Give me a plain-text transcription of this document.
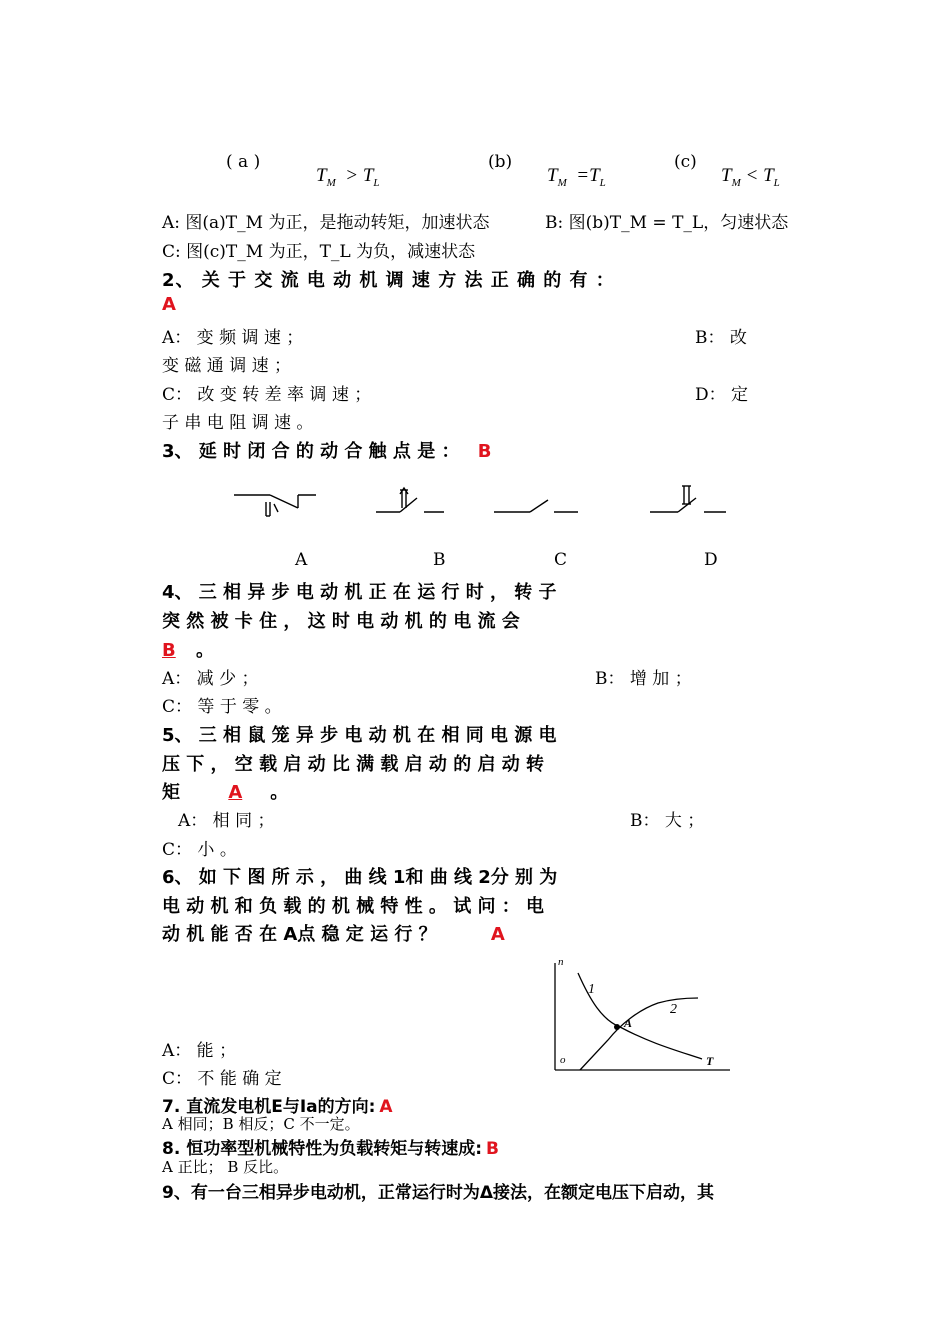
( a )
$T_M > T_L$
(b)
$T_M =T_L$
(c)
$T_M < T_L$
A: 图(a)T_M 为正，是拖动转矩，加速状态	B: 图(b)T_M = T_L，匀速状态
C: 图(c)T_M 为正，T_L 为负，减速状态
2、 关 于 交 流 电 动 机 调 速 方 法 正 确 的 有 ：
A
A： 变 频 调 速 ；	B： 改
变 磁 通 调 速 ；
C： 改 变 转 差 率 调 速 ；	D： 定
子 串 电 阻 调 速 。
3、 延 时 闭 合 的 动 合 触 点 是 ： B
A	B	C	D
4、 三 相 异 步 电 动 机 正 在 运 行 时 ， 转 子
突 然 被 卡 住 ， 这 时 电 动 机 的 电 流 会
B 。
A： 减 少 ；	B： 增 加 ；
C： 等 于 零 。
5、 三 相 鼠 笼 异 步 电 动 机 在 相 同 电 源 电
压 下 ， 空 载 启 动 比 满 载 启 动 的 启 动 转
矩	A 。
A： 相 同 ；	B： 大 ；
C： 小 。
6、 如 下 图 所 示 ， 曲 线 1和 曲 线 2分 别 为
电 动 机 和 负 载 的 机 械 特 性 。 试 问 ： 电
动 机 能 否 在 A点 稳 定 运 行 ？	A
n
o	T
1
2
A
A： 能 ；
C： 不 能 确 定
7. 直流发电机E与Ia的方向: A
A 相同；B 相反；C 不一定。
8. 恒功率型机械特性为负载转矩与转速成: B
A 正比； B 反比。
9、有一台三相异步电动机，正常运行时为Δ接法，在额定电压下启动，其
